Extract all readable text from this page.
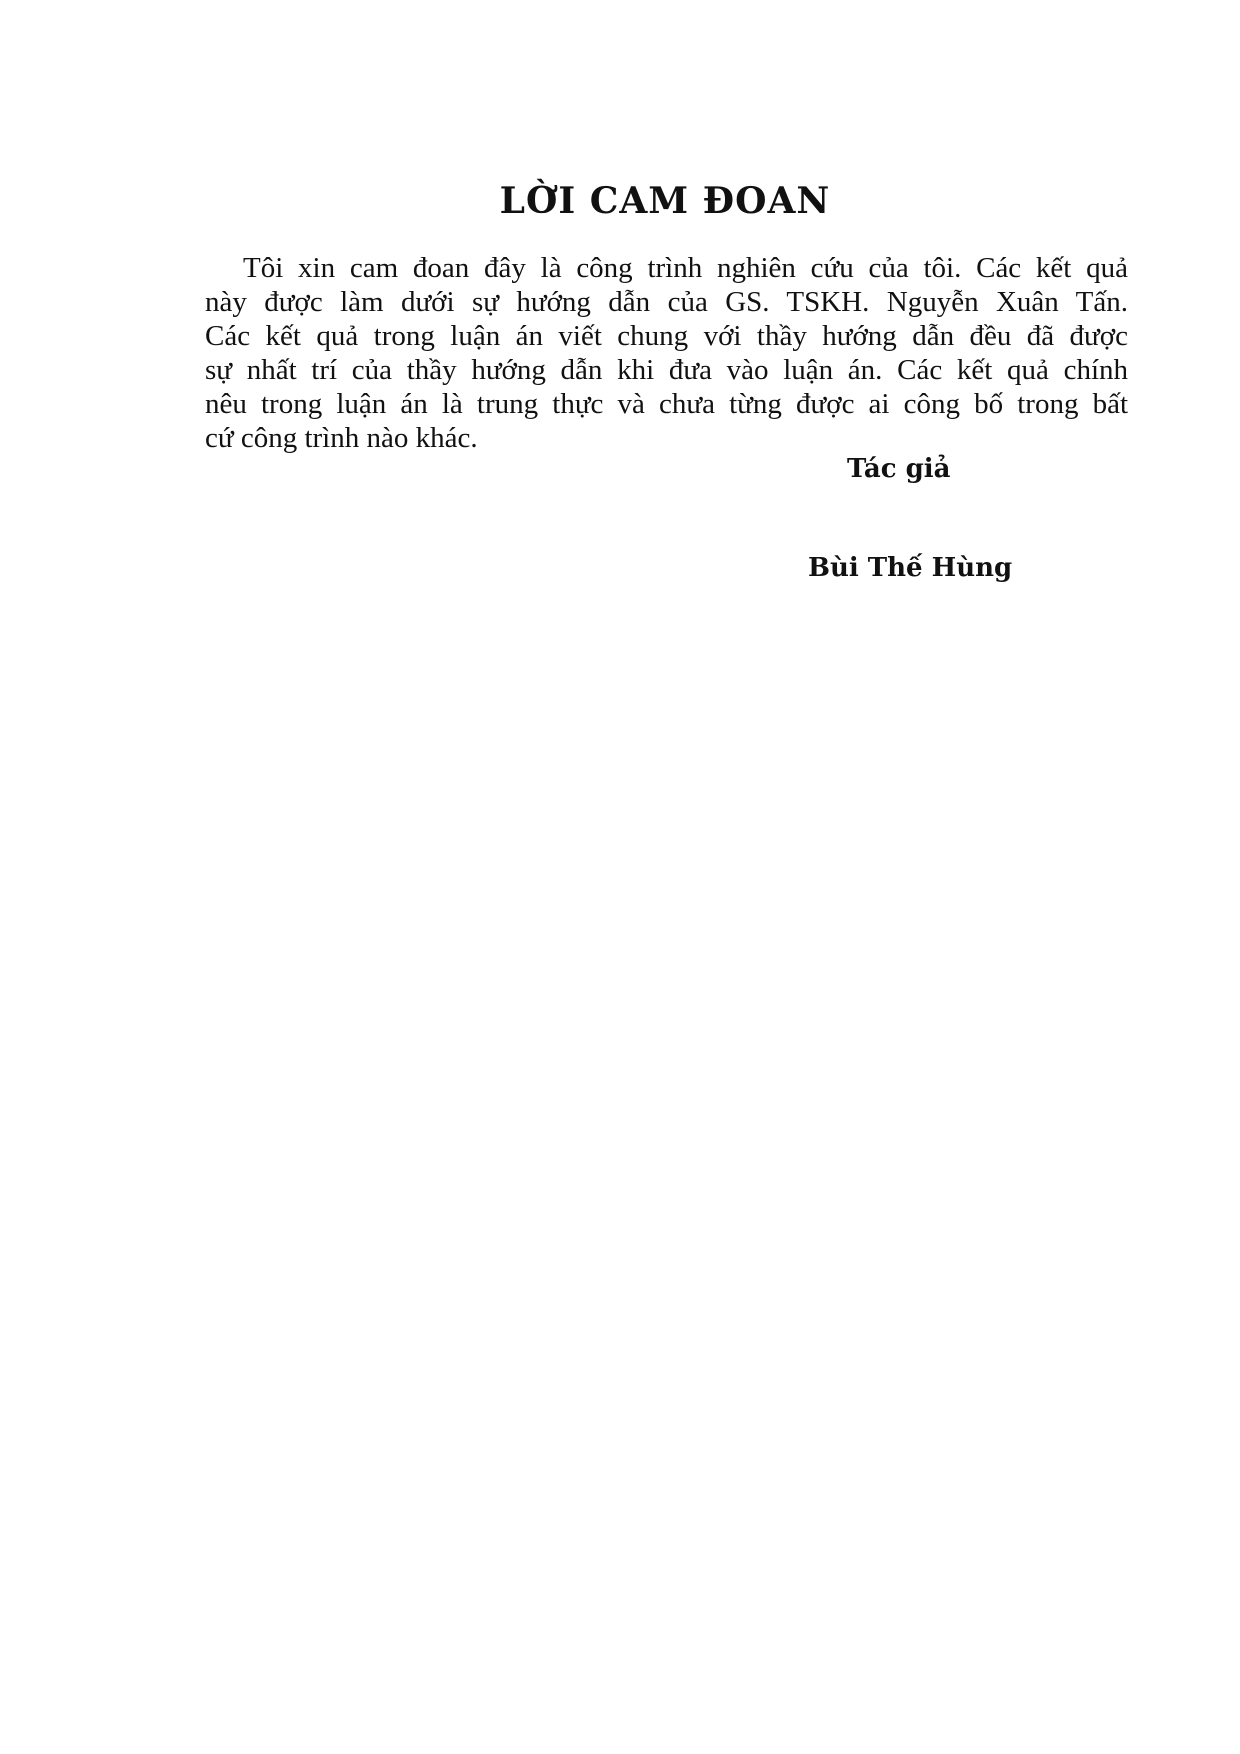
LỜI CAM ĐOAN
Tôi xin cam đoan đây là công trình nghiên cứu của tôi. Các kết quả
này được làm dưới sự hướng dẫn của GS. TSKH. Nguyễn Xuân Tấn.
Các kết quả trong luận án viết chung với thầy hướng dẫn đều đã được
sự nhất trí của thầy hướng dẫn khi đưa vào luận án. Các kết quả chính
nêu trong luận án là trung thực và chưa từng được ai công bố trong bất
cứ công trình nào khác.
Tác giả
Bùi Thế Hùng
